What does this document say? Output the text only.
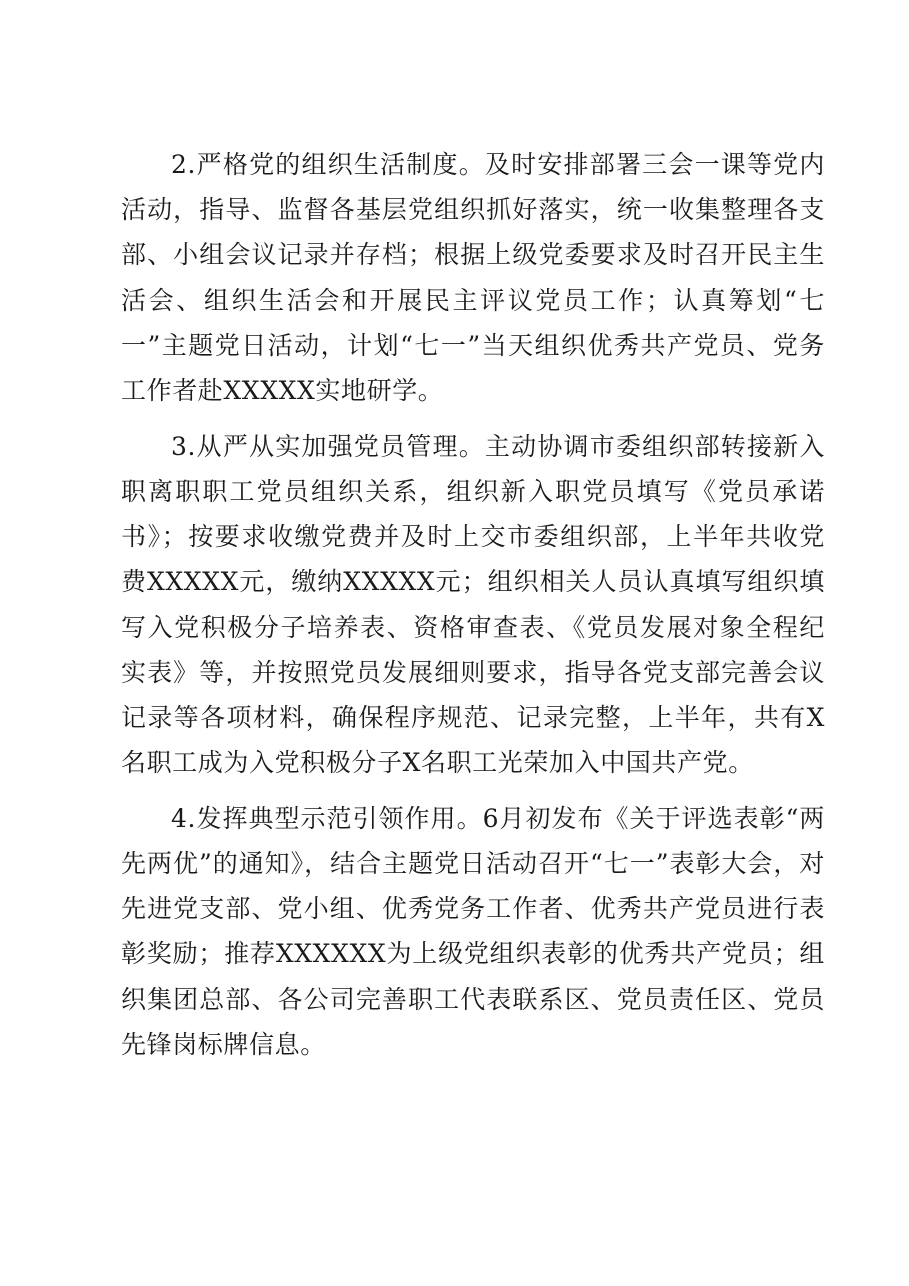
2.严格党的组织生活制度。及时安排部署三会一课等党内活动，指导、监督各基层党组织抓好落实，统一收集整理各支部、小组会议记录并存档；根据上级党委要求及时召开民主生活会、组织生活会和开展民主评议党员工作；认真筹划“七一”主题党日活动，计划“七一”当天组织优秀共产党员、党务工作者赴XXXXX实地研学。

3.从严从实加强党员管理。主动协调市委组织部转接新入职离职职工党员组织关系，组织新入职党员填写《党员承诺书》；按要求收缴党费并及时上交市委组织部，上半年共收党费XXXXX元，缴纳XXXXX元；组织相关人员认真填写组织填写入党积极分子培养表、资格审查表、《党员发展对象全程纪实表》等，并按照党员发展细则要求，指导各党支部完善会议记录等各项材料，确保程序规范、记录完整，上半年，共有X名职工成为入党积极分子X名职工光荣加入中国共产党。

4.发挥典型示范引领作用。6月初发布《关于评选表彰“两先两优”的通知》，结合主题党日活动召开“七一”表彰大会，对先进党支部、党小组、优秀党务工作者、优秀共产党员进行表彰奖励；推荐XXXXXX为上级党组织表彰的优秀共产党员；组织集团总部、各公司完善职工代表联系区、党员责任区、党员先锋岗标牌信息。
